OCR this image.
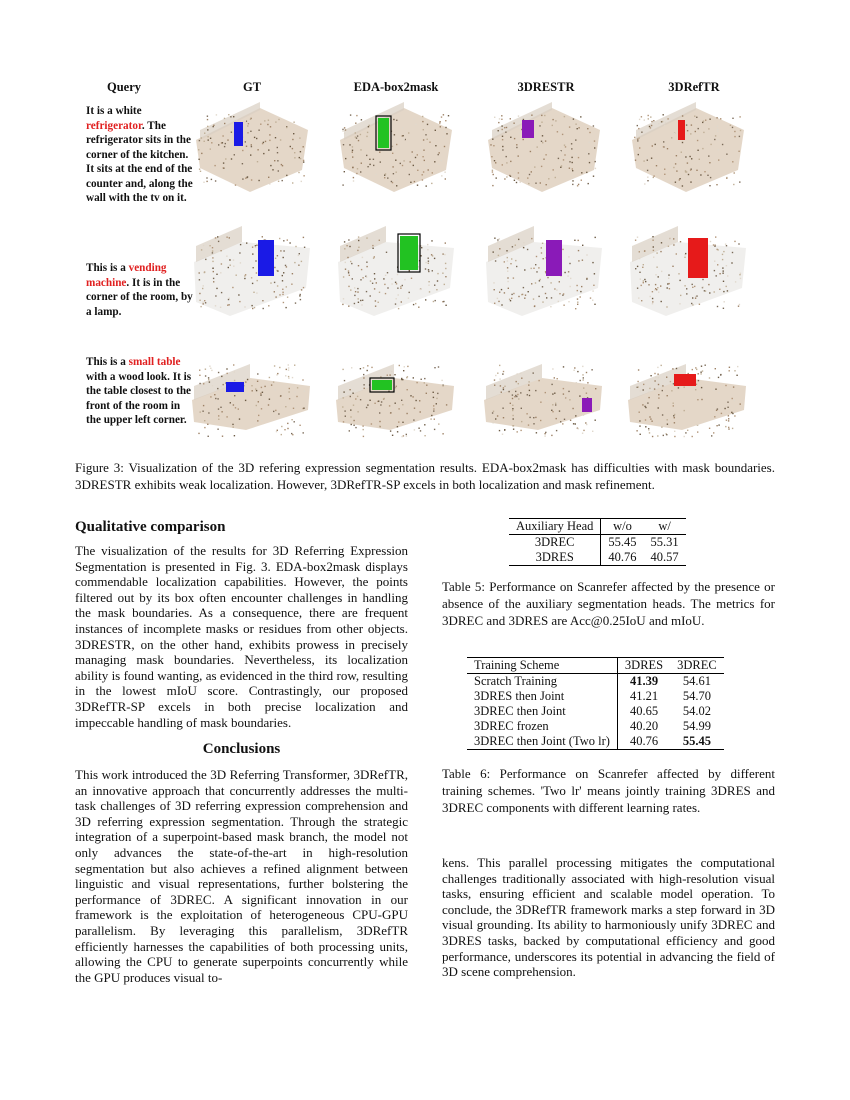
Query	GT	EDA-box2mask	3DRESTR	3DRefTR
It is a white refrigerator. The refrigerator sits in the corner of the kitchen. It sits at the end of the counter and, along the wall with the tv on it.
This is a vending machine. It is in the corner of the room, by a lamp.
This is a small table with a wood look. It is the table closest to the front of the room in the upper left corner.
Figure 3: Visualization of the 3D refering expression segmentation results. EDA-box2mask has difficulties with mask boundaries. 3DRESTR exhibits weak localization. However, 3DRefTR-SP excels in both localization and mask refinement.
Qualitative comparison
The visualization of the results for 3D Referring Expression Segmentation is presented in Fig. 3. EDA-box2mask displays commendable localization capabilities. However, the points filtered out by its box often encounter challenges in handling the mask boundaries. As a consequence, there are frequent instances of incomplete masks or residues from other objects. 3DRESTR, on the other hand, exhibits prowess in precisely managing mask boundaries. Nevertheless, its localization ability is found wanting, as evidenced in the third row, resulting in the lowest mIoU score. Contrastingly, our proposed 3DRefTR-SP excels in both precise localization and impeccable handling of mask boundaries.
Conclusions
This work introduced the 3D Referring Transformer, 3DRefTR, an innovative approach that concurrently addresses the multi-task challenges of 3D referring expression comprehension and 3D referring expression segmentation. Through the strategic integration of a superpoint-based mask branch, the model not only advances the state-of-the-art in high-resolution segmentation but also achieves a refined alignment between linguistic and visual representations, further bolstering the performance of 3DREC. A significant innovation in our framework is the exploitation of heterogeneous CPU-GPU parallelism. By leveraging this parallelism, 3DRefTR efficiently harnesses the capabilities of both processing units, allowing the CPU to generate superpoints concurrently while the GPU produces visual to-
Auxiliary Head	w/o	w/
3DREC	55.45	55.31
3DRES	40.76	40.57
Table 5: Performance on Scanrefer affected by the presence or absence of the auxiliary segmentation heads. The metrics for 3DREC and 3DRES are Acc@0.25IoU and mIoU.
Training Scheme	3DRES	3DREC
Scratch Training	41.39	54.61
3DRES then Joint	41.21	54.70
3DREC then Joint	40.65	54.02
3DREC frozen	40.20	54.99
3DREC then Joint (Two lr)	40.76	55.45
Table 6: Performance on Scanrefer affected by different training schemes. 'Two lr' means jointly training 3DRES and 3DREC components with different learning rates.
kens. This parallel processing mitigates the computational challenges traditionally associated with high-resolution visual tasks, ensuring efficient and scalable model operation. To conclude, the 3DRefTR framework marks a step forward in 3D visual grounding. Its ability to harmoniously unify 3DREC and 3DRES tasks, backed by computational efficiency and good performance, underscores its potential in advancing the field of 3D scene comprehension.
